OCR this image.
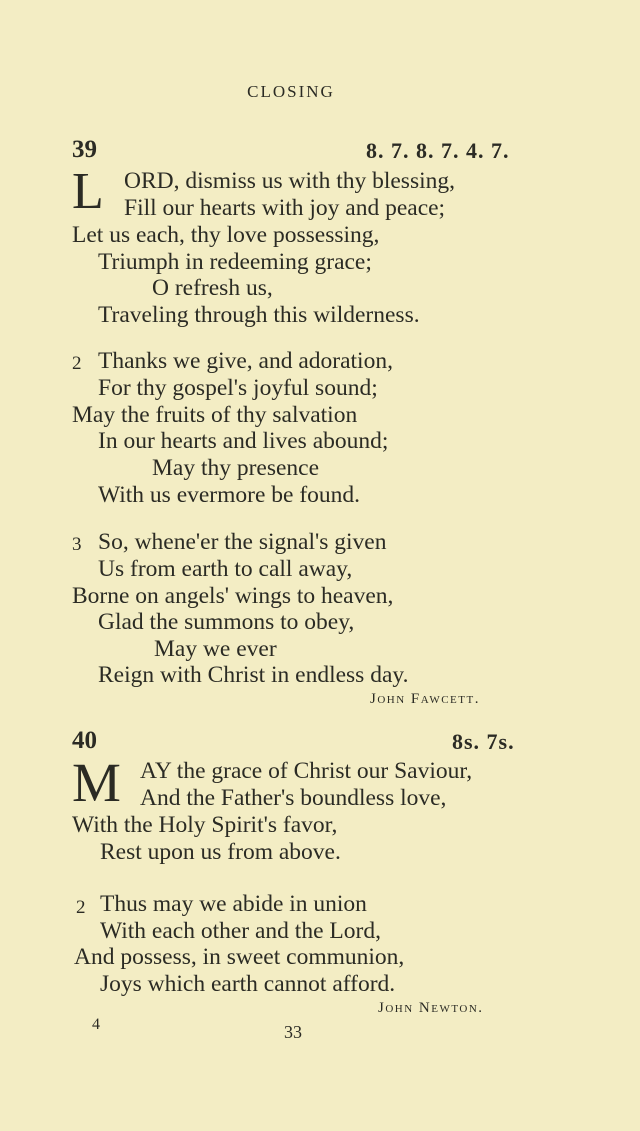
CLOSING
39	8. 7. 8. 7. 4. 7.
L ORD, dismiss us with thy blessing,
Fill our hearts with joy and peace;
Let us each, thy love possessing,
Triumph in redeeming grace;
O refresh us,
Traveling through this wilderness.
2 Thanks we give, and adoration,
For thy gospel's joyful sound;
May the fruits of thy salvation
In our hearts and lives abound;
May thy presence
With us evermore be found.
3 So, whene'er the signal's given
Us from earth to call away,
Borne on angels' wings to heaven,
Glad the summons to obey,
May we ever
Reign with Christ in endless day.
John Fawcett.
40	8s. 7s.
M AY the grace of Christ our Saviour,
And the Father's boundless love,
With the Holy Spirit's favor,
Rest upon us from above.
2 Thus may we abide in union
With each other and the Lord,
And possess, in sweet communion,
Joys which earth cannot afford.
John Newton.
4	33
